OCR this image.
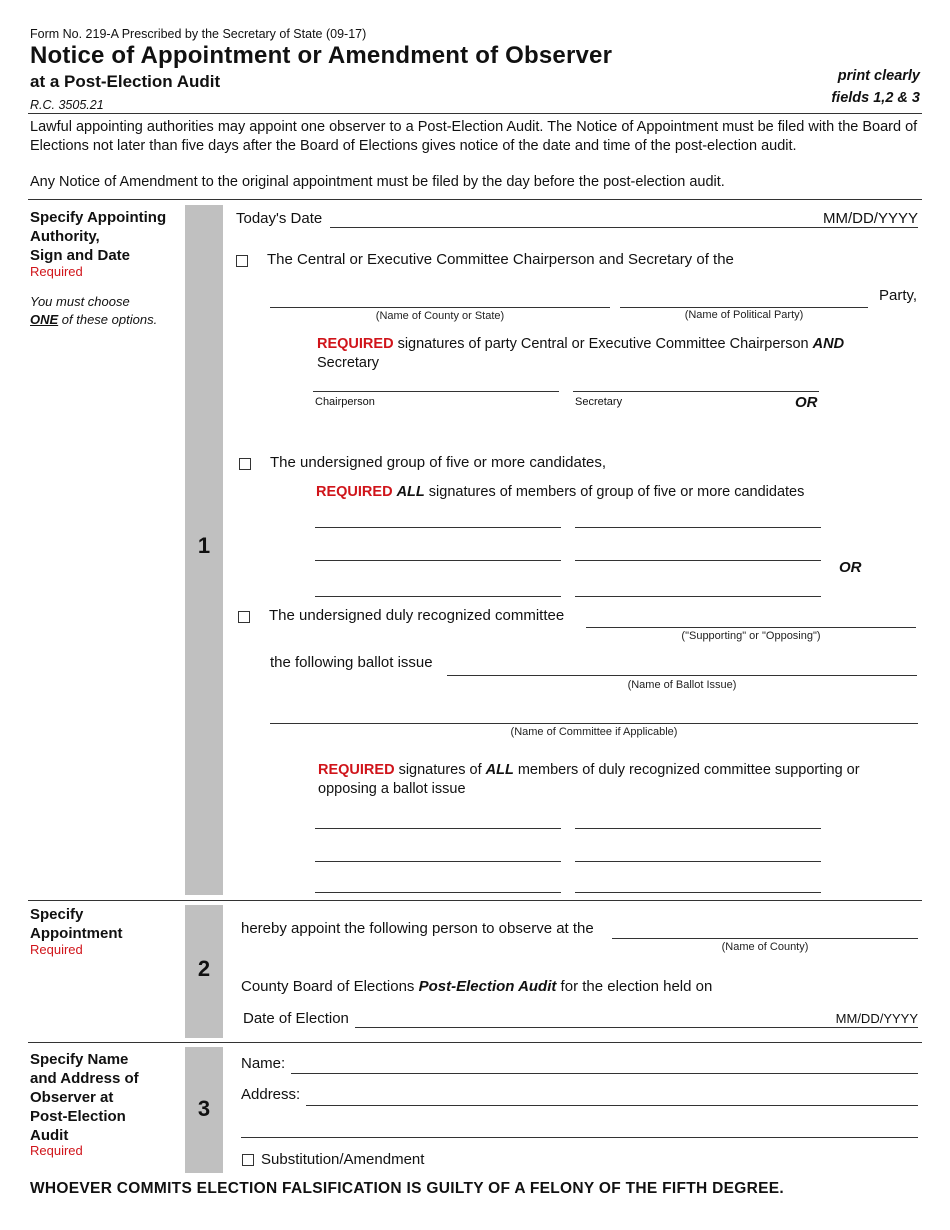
Form No. 219-A Prescribed by the Secretary of State (09-17)
Notice of Appointment or Amendment of Observer
at a Post-Election Audit
R.C. 3505.21
print clearly
fields 1,2 & 3
Lawful appointing authorities may appoint one observer to a Post-Election Audit. The Notice of Appointment must be filed with the Board of Elections not later than five days after the Board of Elections gives notice of the date and time of the post-election audit.
Any Notice of Amendment to the original appointment must be filed by the day before the post-election audit.
1
Specify Appointing
Authority,
Sign and Date
Required
You must choose
ONE of these options.
Today's Date	MM/DD/YYYY
The Central or Executive Committee Chairperson and Secretary of the
Party,
(Name of County or State)	(Name of Political Party)
REQUIRED signatures of party Central or Executive Committee Chairperson AND Secretary
Chairperson	Secretary	OR
The undersigned group of five or more candidates,
REQUIRED ALL signatures of members of group of five or more candidates
OR
The undersigned duly recognized committee
("Supporting" or "Opposing")
the following ballot issue
(Name of Ballot Issue)
(Name of Committee if Applicable)
REQUIRED signatures of ALL members of duly recognized committee supporting or
opposing a ballot issue
2
Specify
Appointment
Required
hereby appoint the following person to observe at the
(Name of County)
County Board of Elections Post-Election Audit for the election held on
Date of Election	MM/DD/YYYY
3
Specify Name
and Address of
Observer at
Post-Election
Audit
Required
Name:
Address:
Substitution/Amendment
WHOEVER COMMITS ELECTION FALSIFICATION IS GUILTY OF A FELONY OF THE FIFTH DEGREE.
